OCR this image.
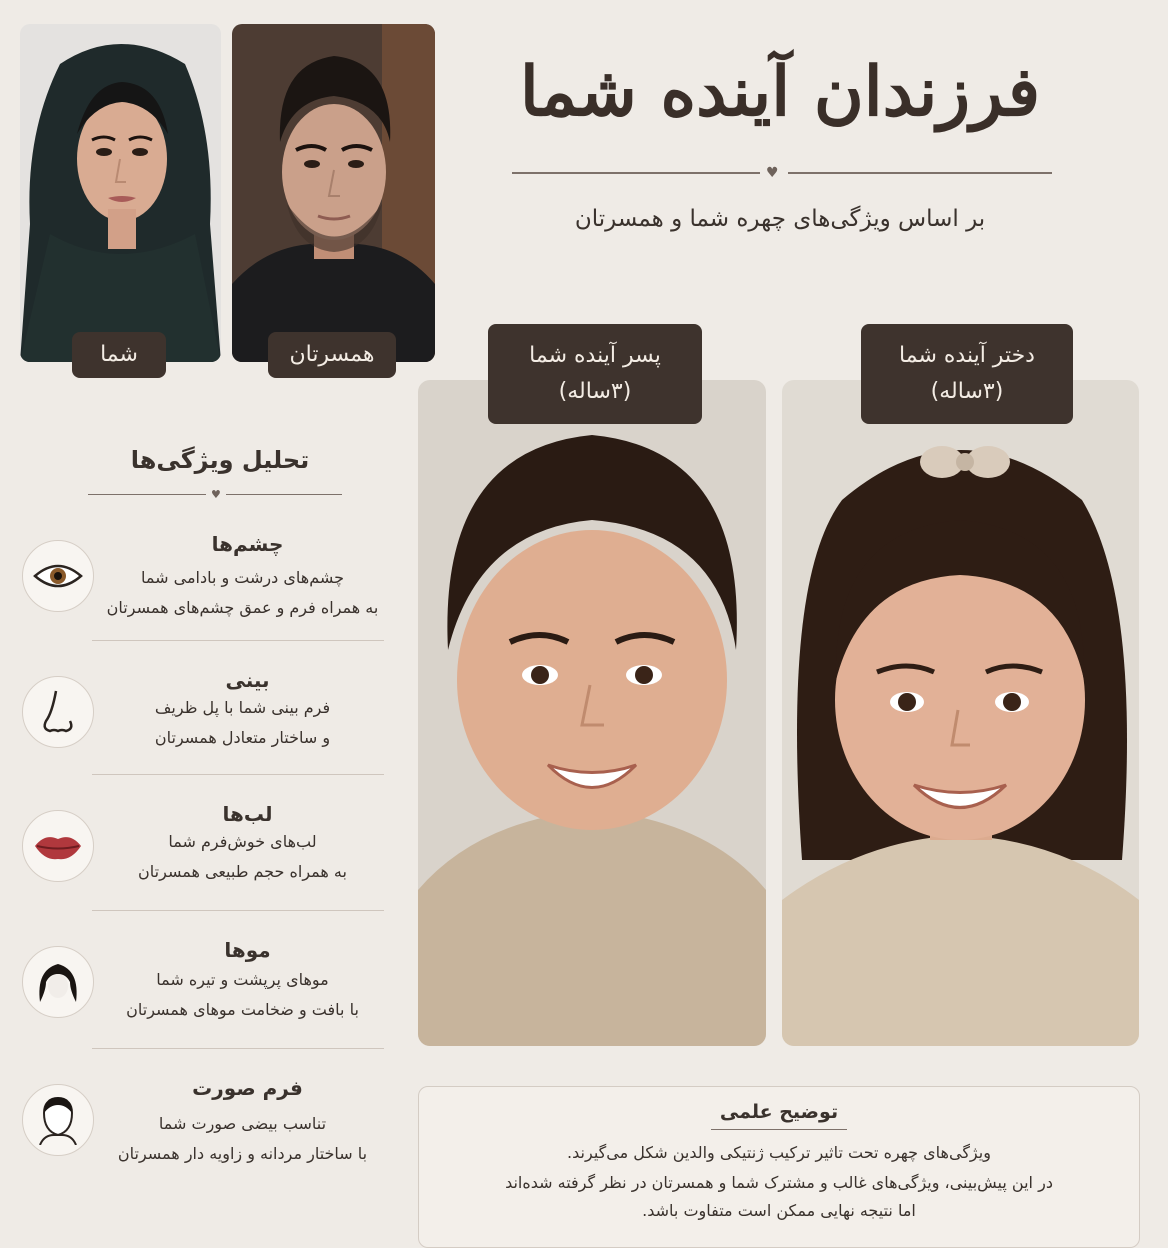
شما	همسرتان
فرزندان آینده شما
♥
بر اساس ویژگی‌های چهره شما و همسرتان
پسر آینده شما
(۳ساله)
دختر آینده شما
(۳ساله)
تحلیل ویژگی‌ها
♥
چشم‌ها
چشم‌های درشت و بادامی شما
به همراه فرم و عمق چشم‌های همسرتان
بینی
فرم بینی شما با پل ظریف
و ساختار متعادل همسرتان
لب‌ها
لب‌های خوش‌فرم شما
به همراه حجم طبیعی همسرتان
موها
موهای پرپشت و تیره شما
با بافت و ضخامت موهای همسرتان
فرم صورت
تناسب بیضی صورت شما
با ساختار مردانه و زاویه دار همسرتان
توضیح علمی
ویژگی‌های چهره تحت تاثیر ترکیب ژنتیکی والدین شکل می‌گیرند.
در این پیش‌بینی، ویژگی‌های غالب و مشترک شما و همسرتان در نظر گرفته شده‌اند
اما نتیجه نهایی ممکن است متفاوت باشد.
